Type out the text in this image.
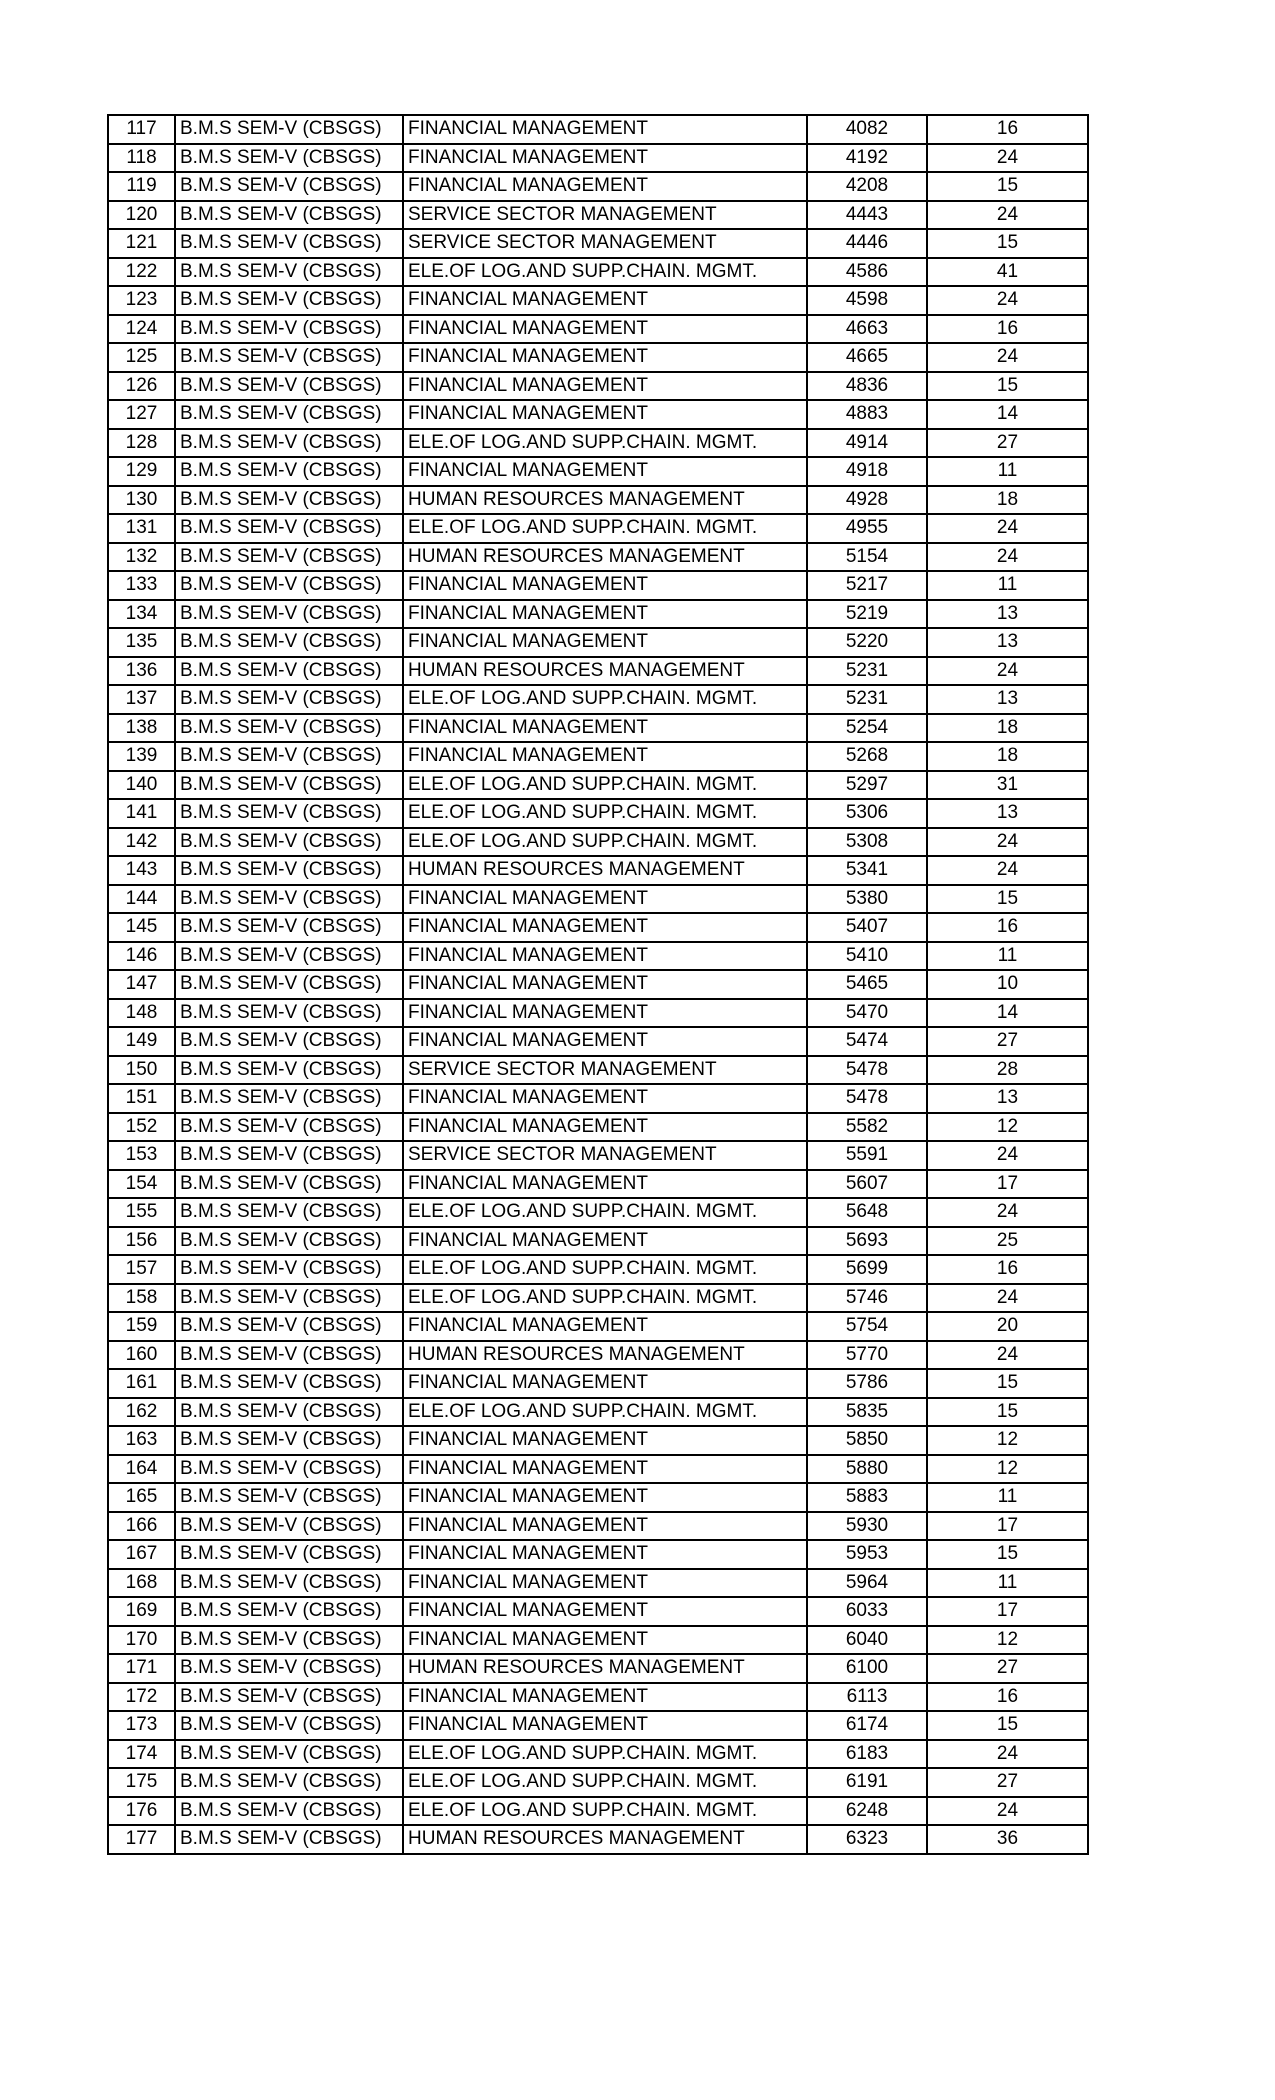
117	B.M.S SEM-V (CBSGS)	FINANCIAL MANAGEMENT	4082	16
118	B.M.S SEM-V (CBSGS)	FINANCIAL MANAGEMENT	4192	24
119	B.M.S SEM-V (CBSGS)	FINANCIAL MANAGEMENT	4208	15
120	B.M.S SEM-V (CBSGS)	SERVICE SECTOR MANAGEMENT	4443	24
121	B.M.S SEM-V (CBSGS)	SERVICE SECTOR MANAGEMENT	4446	15
122	B.M.S SEM-V (CBSGS)	ELE.OF LOG.AND SUPP.CHAIN. MGMT.	4586	41
123	B.M.S SEM-V (CBSGS)	FINANCIAL MANAGEMENT	4598	24
124	B.M.S SEM-V (CBSGS)	FINANCIAL MANAGEMENT	4663	16
125	B.M.S SEM-V (CBSGS)	FINANCIAL MANAGEMENT	4665	24
126	B.M.S SEM-V (CBSGS)	FINANCIAL MANAGEMENT	4836	15
127	B.M.S SEM-V (CBSGS)	FINANCIAL MANAGEMENT	4883	14
128	B.M.S SEM-V (CBSGS)	ELE.OF LOG.AND SUPP.CHAIN. MGMT.	4914	27
129	B.M.S SEM-V (CBSGS)	FINANCIAL MANAGEMENT	4918	11
130	B.M.S SEM-V (CBSGS)	HUMAN RESOURCES MANAGEMENT	4928	18
131	B.M.S SEM-V (CBSGS)	ELE.OF LOG.AND SUPP.CHAIN. MGMT.	4955	24
132	B.M.S SEM-V (CBSGS)	HUMAN RESOURCES MANAGEMENT	5154	24
133	B.M.S SEM-V (CBSGS)	FINANCIAL MANAGEMENT	5217	11
134	B.M.S SEM-V (CBSGS)	FINANCIAL MANAGEMENT	5219	13
135	B.M.S SEM-V (CBSGS)	FINANCIAL MANAGEMENT	5220	13
136	B.M.S SEM-V (CBSGS)	HUMAN RESOURCES MANAGEMENT	5231	24
137	B.M.S SEM-V (CBSGS)	ELE.OF LOG.AND SUPP.CHAIN. MGMT.	5231	13
138	B.M.S SEM-V (CBSGS)	FINANCIAL MANAGEMENT	5254	18
139	B.M.S SEM-V (CBSGS)	FINANCIAL MANAGEMENT	5268	18
140	B.M.S SEM-V (CBSGS)	ELE.OF LOG.AND SUPP.CHAIN. MGMT.	5297	31
141	B.M.S SEM-V (CBSGS)	ELE.OF LOG.AND SUPP.CHAIN. MGMT.	5306	13
142	B.M.S SEM-V (CBSGS)	ELE.OF LOG.AND SUPP.CHAIN. MGMT.	5308	24
143	B.M.S SEM-V (CBSGS)	HUMAN RESOURCES MANAGEMENT	5341	24
144	B.M.S SEM-V (CBSGS)	FINANCIAL MANAGEMENT	5380	15
145	B.M.S SEM-V (CBSGS)	FINANCIAL MANAGEMENT	5407	16
146	B.M.S SEM-V (CBSGS)	FINANCIAL MANAGEMENT	5410	11
147	B.M.S SEM-V (CBSGS)	FINANCIAL MANAGEMENT	5465	10
148	B.M.S SEM-V (CBSGS)	FINANCIAL MANAGEMENT	5470	14
149	B.M.S SEM-V (CBSGS)	FINANCIAL MANAGEMENT	5474	27
150	B.M.S SEM-V (CBSGS)	SERVICE SECTOR MANAGEMENT	5478	28
151	B.M.S SEM-V (CBSGS)	FINANCIAL MANAGEMENT	5478	13
152	B.M.S SEM-V (CBSGS)	FINANCIAL MANAGEMENT	5582	12
153	B.M.S SEM-V (CBSGS)	SERVICE SECTOR MANAGEMENT	5591	24
154	B.M.S SEM-V (CBSGS)	FINANCIAL MANAGEMENT	5607	17
155	B.M.S SEM-V (CBSGS)	ELE.OF LOG.AND SUPP.CHAIN. MGMT.	5648	24
156	B.M.S SEM-V (CBSGS)	FINANCIAL MANAGEMENT	5693	25
157	B.M.S SEM-V (CBSGS)	ELE.OF LOG.AND SUPP.CHAIN. MGMT.	5699	16
158	B.M.S SEM-V (CBSGS)	ELE.OF LOG.AND SUPP.CHAIN. MGMT.	5746	24
159	B.M.S SEM-V (CBSGS)	FINANCIAL MANAGEMENT	5754	20
160	B.M.S SEM-V (CBSGS)	HUMAN RESOURCES MANAGEMENT	5770	24
161	B.M.S SEM-V (CBSGS)	FINANCIAL MANAGEMENT	5786	15
162	B.M.S SEM-V (CBSGS)	ELE.OF LOG.AND SUPP.CHAIN. MGMT.	5835	15
163	B.M.S SEM-V (CBSGS)	FINANCIAL MANAGEMENT	5850	12
164	B.M.S SEM-V (CBSGS)	FINANCIAL MANAGEMENT	5880	12
165	B.M.S SEM-V (CBSGS)	FINANCIAL MANAGEMENT	5883	11
166	B.M.S SEM-V (CBSGS)	FINANCIAL MANAGEMENT	5930	17
167	B.M.S SEM-V (CBSGS)	FINANCIAL MANAGEMENT	5953	15
168	B.M.S SEM-V (CBSGS)	FINANCIAL MANAGEMENT	5964	11
169	B.M.S SEM-V (CBSGS)	FINANCIAL MANAGEMENT	6033	17
170	B.M.S SEM-V (CBSGS)	FINANCIAL MANAGEMENT	6040	12
171	B.M.S SEM-V (CBSGS)	HUMAN RESOURCES MANAGEMENT	6100	27
172	B.M.S SEM-V (CBSGS)	FINANCIAL MANAGEMENT	6113	16
173	B.M.S SEM-V (CBSGS)	FINANCIAL MANAGEMENT	6174	15
174	B.M.S SEM-V (CBSGS)	ELE.OF LOG.AND SUPP.CHAIN. MGMT.	6183	24
175	B.M.S SEM-V (CBSGS)	ELE.OF LOG.AND SUPP.CHAIN. MGMT.	6191	27
176	B.M.S SEM-V (CBSGS)	ELE.OF LOG.AND SUPP.CHAIN. MGMT.	6248	24
177	B.M.S SEM-V (CBSGS)	HUMAN RESOURCES MANAGEMENT	6323	36
